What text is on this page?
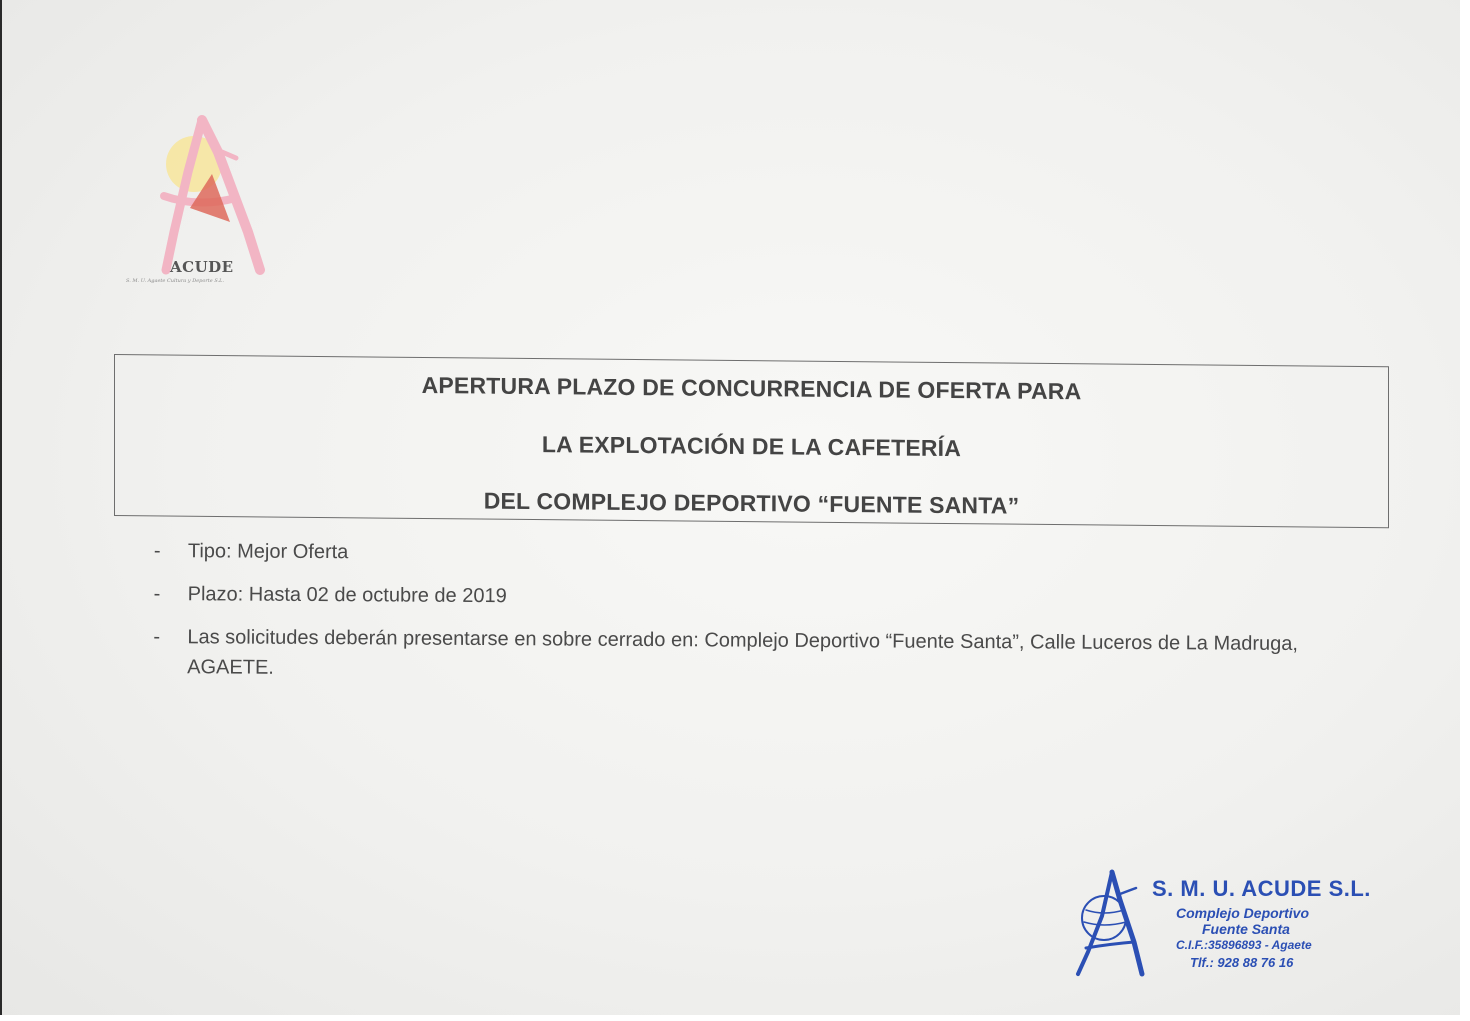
ACUDE
S. M. U. Agaete Cultura y Deporte S.L.
APERTURA PLAZO DE CONCURRENCIA DE OFERTA PARA
LA EXPLOTACIÓN DE LA CAFETERÍA
DEL COMPLEJO DEPORTIVO “FUENTE SANTA”
- Tipo: Mejor Oferta
- Plazo: Hasta 02 de octubre de 2019
- Las solicitudes deberán presentarse en sobre cerrado en: Complejo Deportivo “Fuente Santa”, Calle Luceros de La Madruga, AGAETE.
S. M. U. ACUDE S.L.
Complejo Deportivo
Fuente Santa
C.I.F.:35896893 - Agaete
Tlf.: 928 88 76 16
